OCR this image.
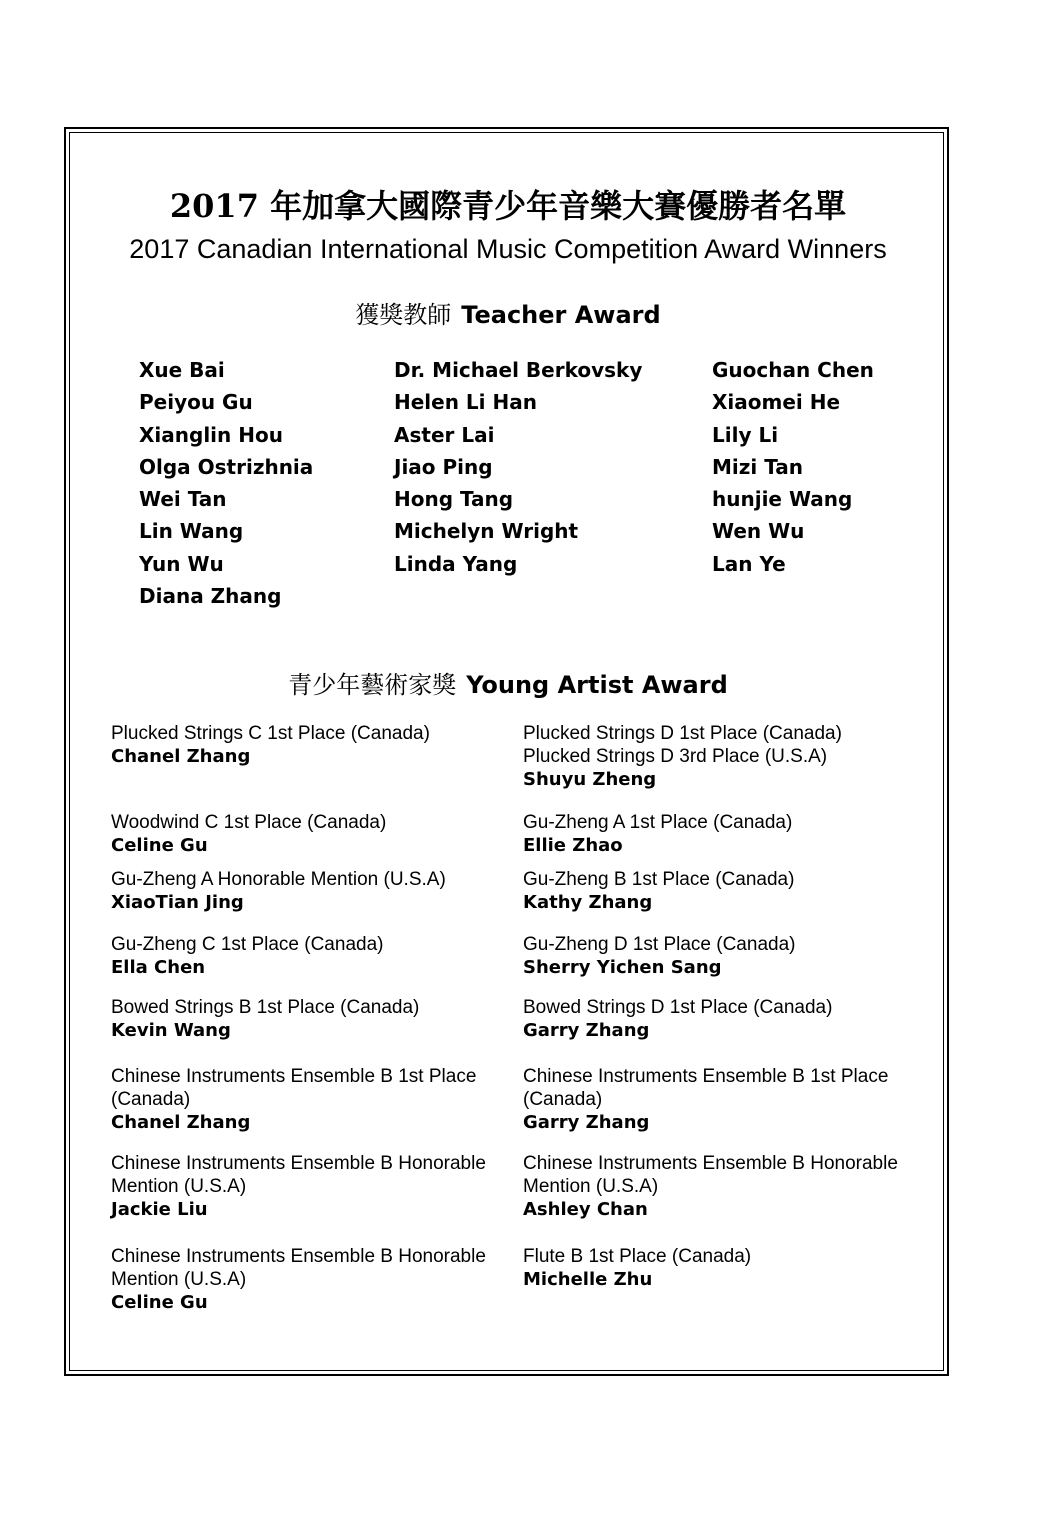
2017 年加拿大國際青少年音樂大賽優勝者名單
2017 Canadian International Music Competition Award Winners
獲獎教師 Teacher Award
Xue Bai
Peiyou Gu
Xianglin Hou
Olga Ostrizhnia
Wei Tan
Lin Wang
Yun Wu
Diana Zhang
Dr. Michael Berkovsky
Helen Li Han
Aster Lai
Jiao Ping
Hong Tang
Michelyn Wright
Linda Yang
Guochan Chen
Xiaomei He
Lily Li
Mizi Tan
hunjie Wang
Wen Wu
Lan Ye
青少年藝術家獎 Young Artist Award
Plucked Strings C 1st Place (Canada)
Chanel Zhang
Woodwind C 1st Place (Canada)
Celine Gu
Gu-Zheng A Honorable Mention (U.S.A)
XiaoTian Jing
Gu-Zheng C 1st Place (Canada)
Ella Chen
Bowed Strings B 1st Place (Canada)
Kevin Wang
Chinese Instruments Ensemble B 1st Place (Canada)
Chanel Zhang
Chinese Instruments Ensemble B Honorable Mention (U.S.A)
Jackie Liu
Chinese Instruments Ensemble B Honorable Mention (U.S.A)
Celine Gu
Plucked Strings D 1st Place (Canada) Plucked Strings D 3rd Place (U.S.A)
Shuyu Zheng
Gu-Zheng A 1st Place (Canada)
Ellie Zhao
Gu-Zheng B 1st Place (Canada)
Kathy Zhang
Gu-Zheng D 1st Place (Canada)
Sherry Yichen Sang
Bowed Strings D 1st Place (Canada)
Garry Zhang
Chinese Instruments Ensemble B 1st Place (Canada)
Garry Zhang
Chinese Instruments Ensemble B Honorable Mention (U.S.A)
Ashley Chan
Flute B 1st Place (Canada)
Michelle Zhu
